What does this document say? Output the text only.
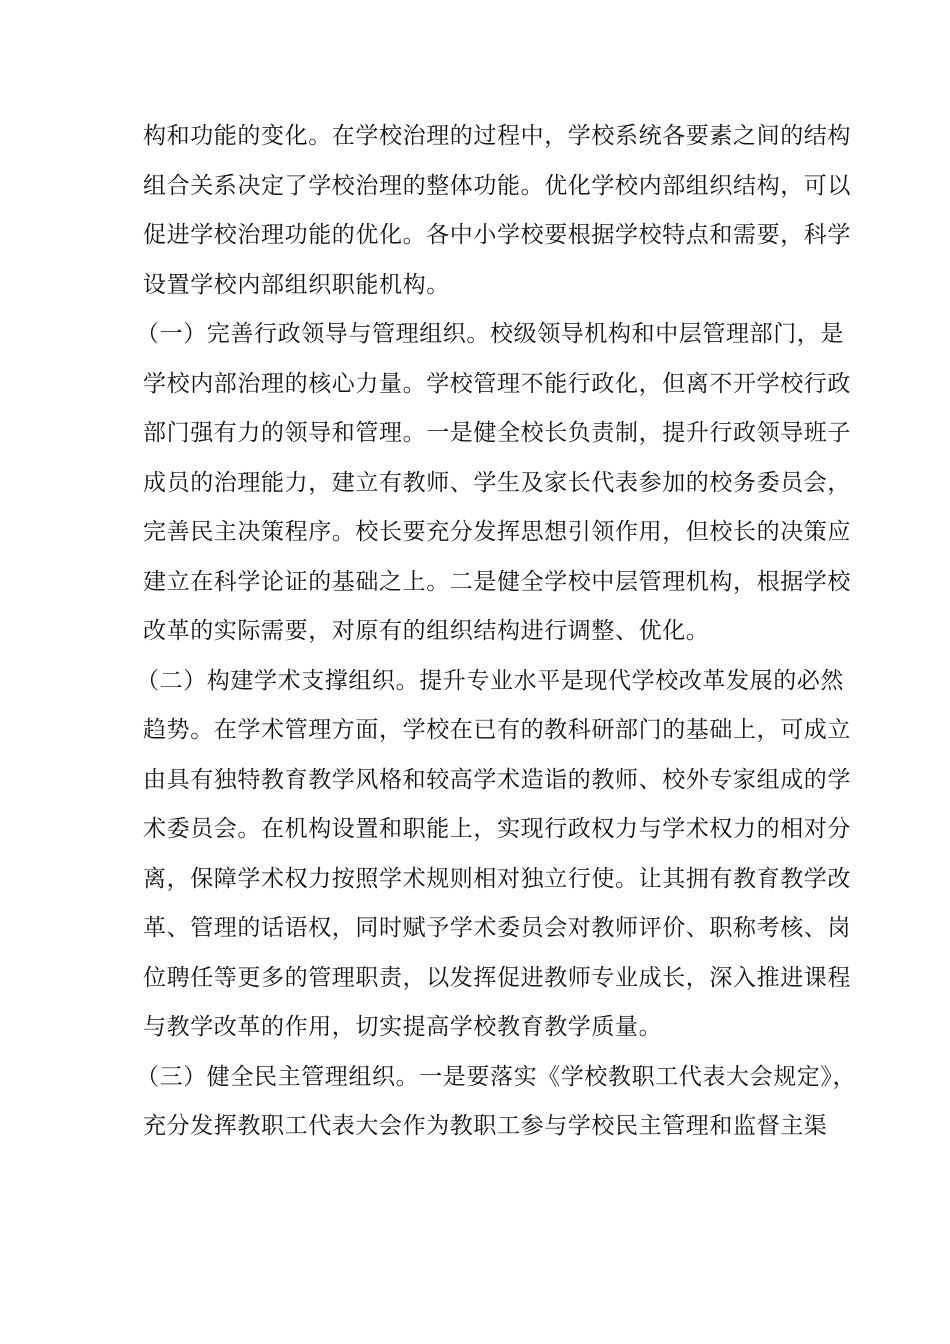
构和功能的变化。在学校治理的过程中，学校系统各要素之间的结构
组合关系决定了学校治理的整体功能。优化学校内部组织结构，可以
促进学校治理功能的优化。各中小学校要根据学校特点和需要，科学
设置学校内部组织职能机构。
（一）完善行政领导与管理组织。校级领导机构和中层管理部门，是
学校内部治理的核心力量。学校管理不能行政化，但离不开学校行政
部门强有力的领导和管理。一是健全校长负责制，提升行政领导班子
成员的治理能力，建立有教师、学生及家长代表参加的校务委员会，
完善民主决策程序。校长要充分发挥思想引领作用，但校长的决策应
建立在科学论证的基础之上。二是健全学校中层管理机构，根据学校
改革的实际需要，对原有的组织结构进行调整、优化。
（二）构建学术支撑组织。提升专业水平是现代学校改革发展的必然
趋势。在学术管理方面，学校在已有的教科研部门的基础上，可成立
由具有独特教育教学风格和较高学术造诣的教师、校外专家组成的学
术委员会。在机构设置和职能上，实现行政权力与学术权力的相对分
离，保障学术权力按照学术规则相对独立行使。让其拥有教育教学改
革、管理的话语权，同时赋予学术委员会对教师评价、职称考核、岗
位聘任等更多的管理职责，以发挥促进教师专业成长，深入推进课程
与教学改革的作用，切实提高学校教育教学质量。
（三）健全民主管理组织。一是要落实《学校教职工代表大会规定》，
充分发挥教职工代表大会作为教职工参与学校民主管理和监督主渠
